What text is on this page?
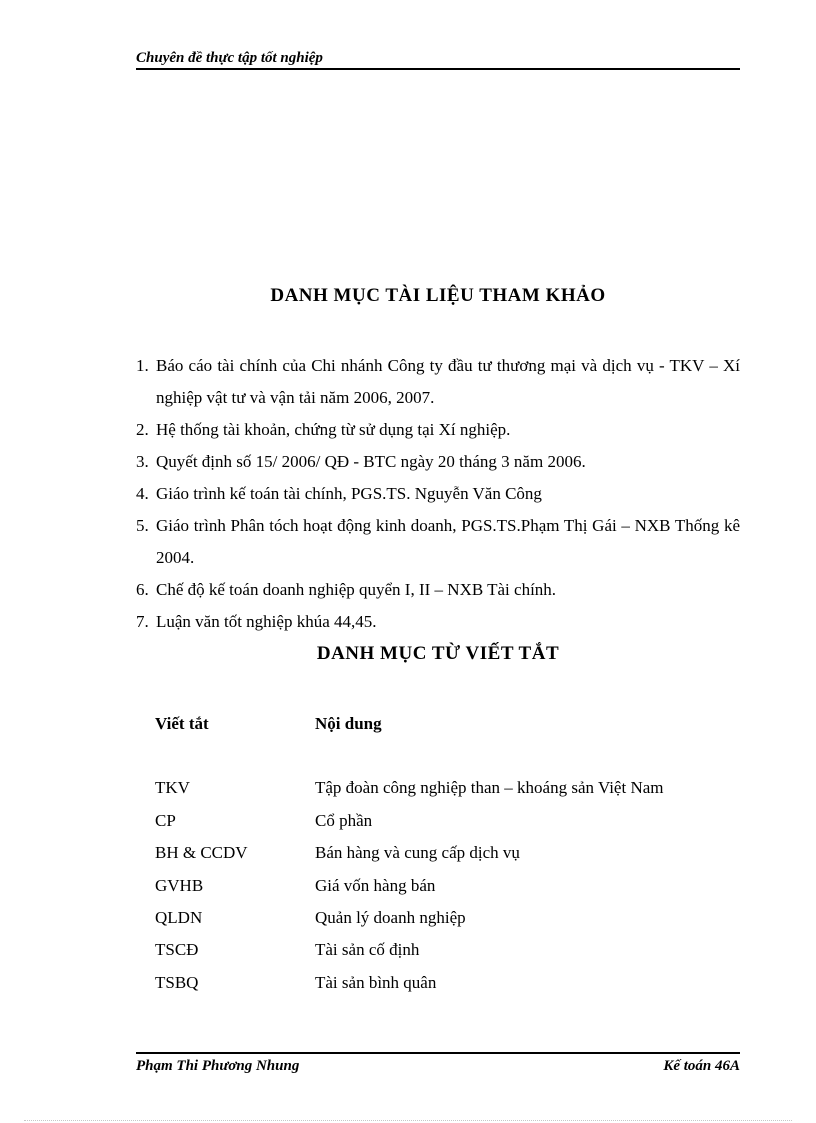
Chuyên đề thực tập tốt nghiệp
DANH MỤC TÀI LIỆU THAM KHẢO
1. Báo cáo tài chính của Chi nhánh Công ty đầu tư thương mại và dịch vụ - TKV – Xí nghiệp vật tư và vận tải năm 2006, 2007.
2. Hệ thống tài khoản, chứng từ sử dụng tại Xí nghiệp.
3. Quyết định số 15/ 2006/ QĐ - BTC ngày 20 tháng 3 năm 2006.
4. Giáo trình kế toán tài chính, PGS.TS. Nguyễn Văn Công
5. Giáo trình Phân tóch hoạt động kinh doanh, PGS.TS.Phạm Thị Gái – NXB Thống kê 2004.
6. Chế độ kế toán doanh nghiệp quyển I, II – NXB Tài chính.
7. Luận văn tốt nghiệp khúa 44,45.
DANH MỤC TỪ VIẾT TẮT
Viết tắt	Nội dung
TKV	Tập đoàn công nghiệp than – khoáng sản Việt Nam
CP	Cổ phần
BH & CCDV	Bán hàng và cung cấp dịch vụ
GVHB	Giá vốn hàng bán
QLDN	Quản lý doanh nghiệp
TSCĐ	Tài sản cố định
TSBQ	Tài sản bình quân
Phạm Thi Phương Nhung	Kế toán 46A
